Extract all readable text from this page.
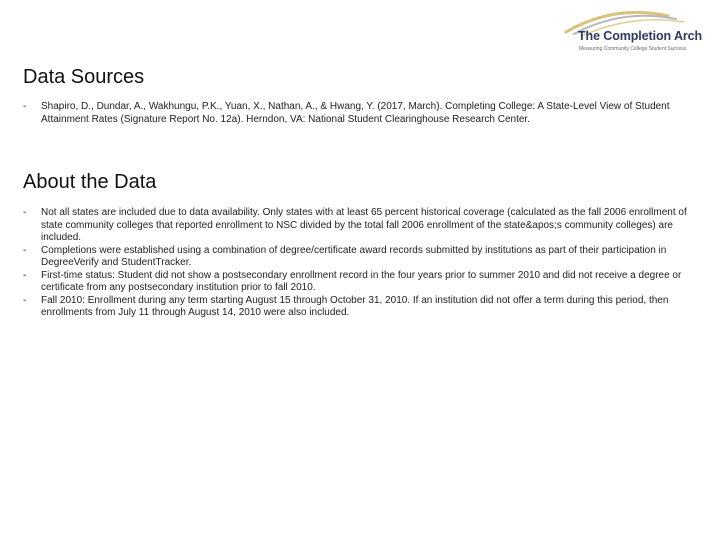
The Completion Arch
Measuring Community College Student Success
Data Sources
- Shapiro, D., Dundar, A., Wakhungu, P.K., Yuan, X., Nathan, A., & Hwang, Y. (2017, March). Completing College: A State-Level View of Student Attainment Rates (Signature Report No. 12a). Herndon, VA: National Student Clearinghouse Research Center.
About the Data
- Not all states are included due to data availability. Only states with at least 65 percent historical coverage (calculated as the fall 2006 enrollment of state community colleges that reported enrollment to NSC divided by the total fall 2006 enrollment of the state&apos;s community colleges) are included.
- Completions were established using a combination of degree/certificate award records submitted by institutions as part of their participation in DegreeVerify and StudentTracker.
- First-time status: Student did not show a postsecondary enrollment record in the four years prior to summer 2010 and did not receive a degree or certificate from any postsecondary institution prior to fall 2010.
- Fall 2010: Enrollment during any term starting August 15 through October 31, 2010. If an institution did not offer a term during this period, then enrollments from July 11 through August 14, 2010 were also included.
